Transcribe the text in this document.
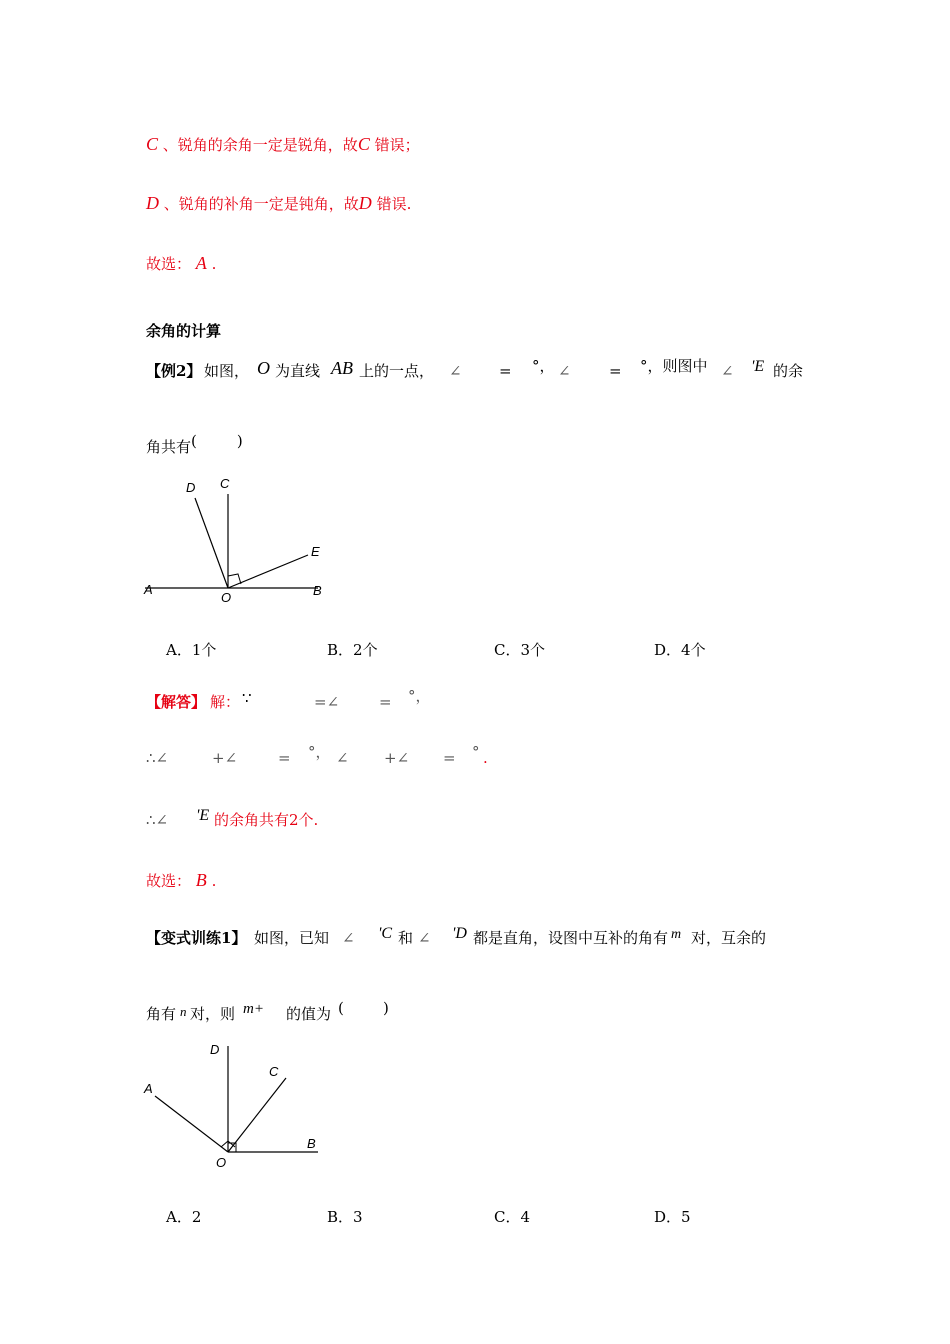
C 、锐角的余角一定是锐角，故C 错误；
D 、锐角的补角一定是钝角，故D 错误.
故选： A .
余角的计算
【例2】 如图， O 为直线 AB 上的一点， ∠ = °， ∠	= °，则图中 ∠ 'E 的余
角共有(	)
D C
E
A
O	B
A．1个	B．2个	C．3个	D．4个
【解答】 解： ∵	=∠	= °，
∴∠	+∠	= °， ∠ +∠ = ° .
∴∠ 'E 的余角共有2个.
故选： B .
【变式训练1】 如图，已知 ∠ 'C 和 ∠ 'D 都是直角，设图中互补的角有 m 对，互余的
角有 n 对，则 m+ 的值为 (	)
D
C
A
O
B
A．2	B．3	C．4	D．5
